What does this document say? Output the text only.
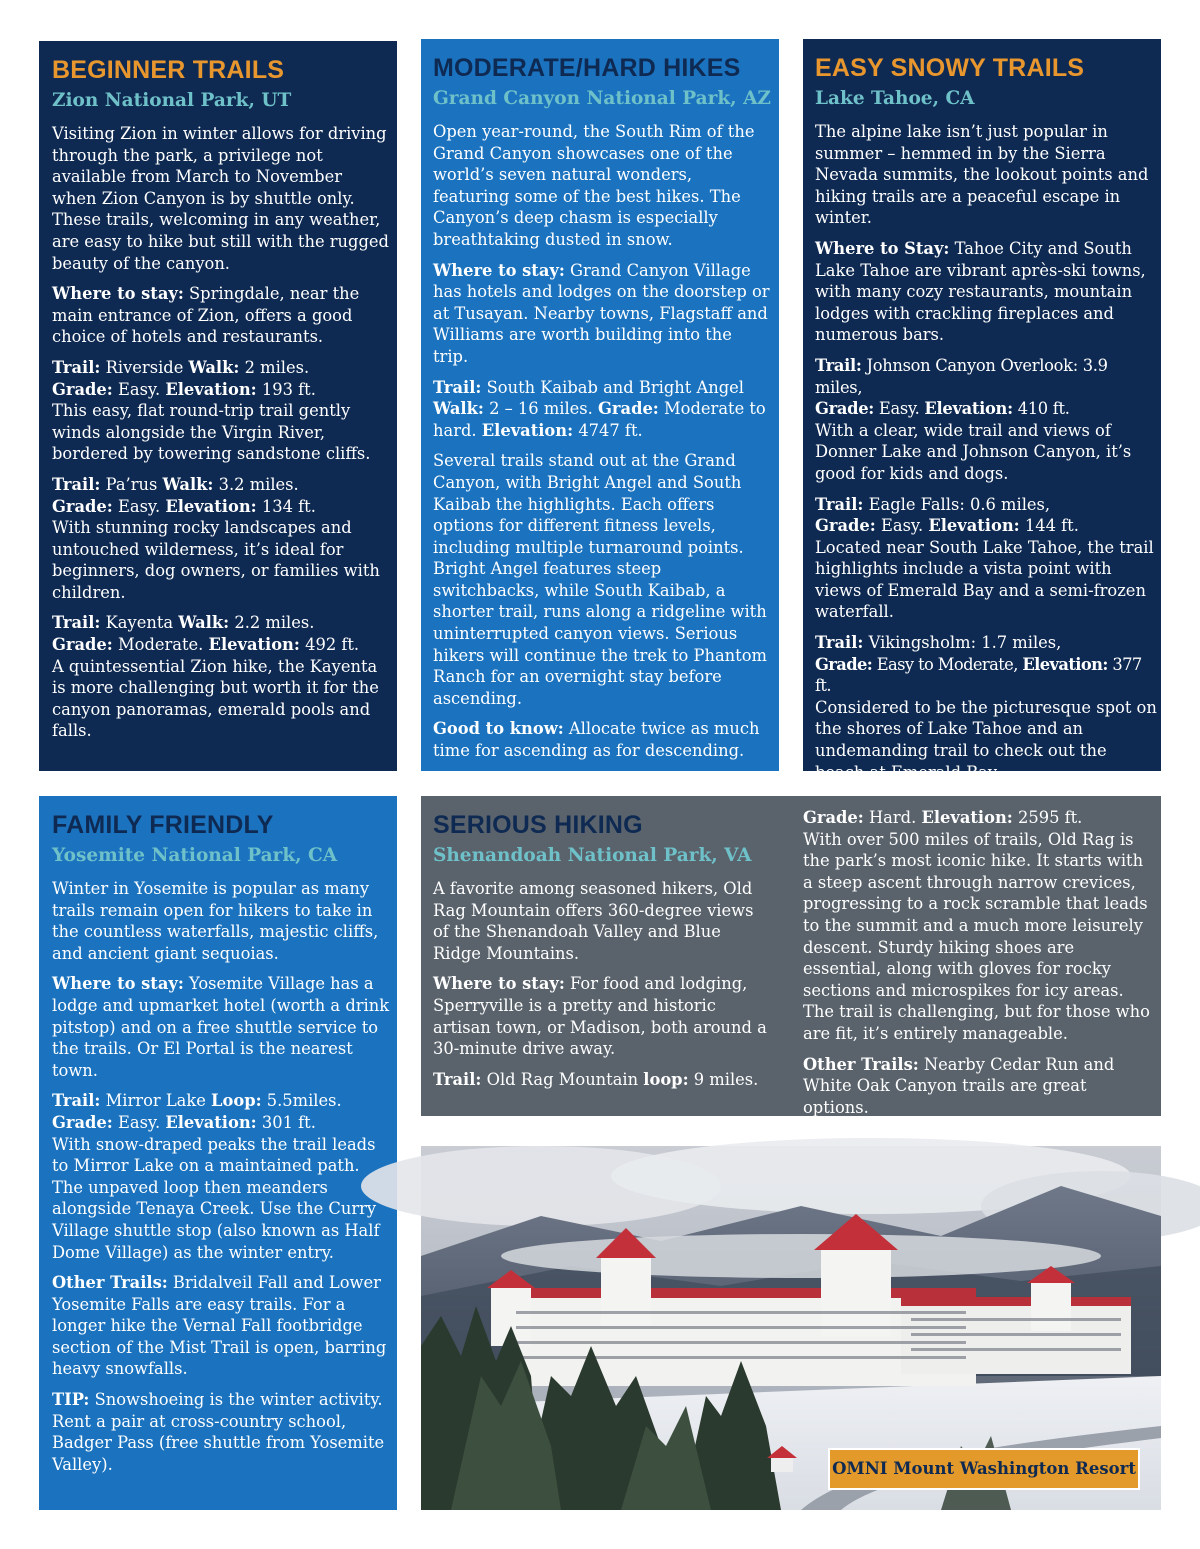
BEGINNER TRAILS
Zion National Park, UT

Visiting Zion in winter allows for driving through the park, a privilege not available from March to November when Zion Canyon is by shuttle only. These trails, welcoming in any weather, are easy to hike but still with the rugged beauty of the canyon.

Where to stay: Springdale, near the main entrance of Zion, offers a good choice of hotels and restaurants.

Trail: Riverside Walk: 2 miles.
Grade: Easy. Elevation: 193 ft.
This easy, flat round-trip trail gently winds alongside the Virgin River, bordered by towering sandstone cliffs.

Trail: Pa’rus Walk: 3.2 miles.
Grade: Easy. Elevation: 134 ft.
With stunning rocky landscapes and untouched wilderness, it’s ideal for beginners, dog owners, or families with children.

Trail: Kayenta Walk: 2.2 miles.
Grade: Moderate. Elevation: 492 ft.
A quintessential Zion hike, the Kayenta is more challenging but worth it for the canyon panoramas, emerald pools and falls.

MODERATE/HARD HIKES
Grand Canyon National Park, AZ

Open year-round, the South Rim of the Grand Canyon showcases one of the world’s seven natural wonders, featuring some of the best hikes. The Canyon’s deep chasm is especially breathtaking dusted in snow.

Where to stay: Grand Canyon Village has hotels and lodges on the doorstep or at Tusayan. Nearby towns, Flagstaff and Williams are worth building into the trip.

Trail: South Kaibab and Bright Angel Walk: 2 – 16 miles. Grade: Moderate to hard. Elevation: 4747 ft.

Several trails stand out at the Grand Canyon, with Bright Angel and South Kaibab the highlights. Each offers options for different fitness levels, including multiple turnaround points. Bright Angel features steep switchbacks, while South Kaibab, a shorter trail, runs along a ridgeline with uninterrupted canyon views. Serious hikers will continue the trek to Phantom Ranch for an overnight stay before ascending.

Good to know: Allocate twice as much time for ascending as for descending.

EASY SNOWY TRAILS
Lake Tahoe, CA

The alpine lake isn’t just popular in summer – hemmed in by the Sierra Nevada summits, the lookout points and hiking trails are a peaceful escape in winter.

Where to Stay: Tahoe City and South Lake Tahoe are vibrant après-ski towns, with many cozy restaurants, mountain lodges with crackling fireplaces and numerous bars.

Trail: Johnson Canyon Overlook: 3.9 miles,
Grade: Easy. Elevation: 410 ft.
With a clear, wide trail and views of Donner Lake and Johnson Canyon, it’s good for kids and dogs.

Trail: Eagle Falls: 0.6 miles,
Grade: Easy. Elevation: 144 ft.
Located near South Lake Tahoe, the trail highlights include a vista point with views of Emerald Bay and a semi-frozen waterfall.

Trail: Vikingsholm: 1.7 miles,
Grade: Easy to Moderate, Elevation: 377 ft.
Considered to be the picturesque spot on the shores of Lake Tahoe and an undemanding trail to check out the beach at Emerald Bay.

FAMILY FRIENDLY
Yosemite National Park, CA

Winter in Yosemite is popular as many trails remain open for hikers to take in the countless waterfalls, majestic cliffs, and ancient giant sequoias.

Where to stay: Yosemite Village has a lodge and upmarket hotel (worth a drink pitstop) and on a free shuttle service to the trails. Or El Portal is the nearest town.

Trail: Mirror Lake Loop: 5.5miles.
Grade: Easy. Elevation: 301 ft.
With snow-draped peaks the trail leads to Mirror Lake on a maintained path. The unpaved loop then meanders alongside Tenaya Creek. Use the Curry Village shuttle stop (also known as Half Dome Village) as the winter entry.

Other Trails: Bridalveil Fall and Lower Yosemite Falls are easy trails. For a longer hike the Vernal Fall footbridge section of the Mist Trail is open, barring heavy snowfalls.

TIP: Snowshoeing is the winter activity. Rent a pair at cross-country school, Badger Pass (free shuttle from Yosemite Valley).

SERIOUS HIKING
Shenandoah National Park, VA

A favorite among seasoned hikers, Old Rag Mountain offers 360-degree views of the Shenandoah Valley and Blue Ridge Mountains.

Where to stay: For food and lodging, Sperryville is a pretty and historic artisan town, or Madison, both around a 30-minute drive away.

Trail: Old Rag Mountain loop: 9 miles.

Grade: Hard. Elevation: 2595 ft.
With over 500 miles of trails, Old Rag is the park’s most iconic hike. It starts with a steep ascent through narrow crevices, progressing to a rock scramble that leads to the summit and a much more leisurely descent. Sturdy hiking shoes are essential, along with gloves for rocky sections and microspikes for icy areas. The trail is challenging, but for those who are fit, it’s entirely manageable.

Other Trails: Nearby Cedar Run and White Oak Canyon trails are great options.

OMNI Mount Washington Resort
